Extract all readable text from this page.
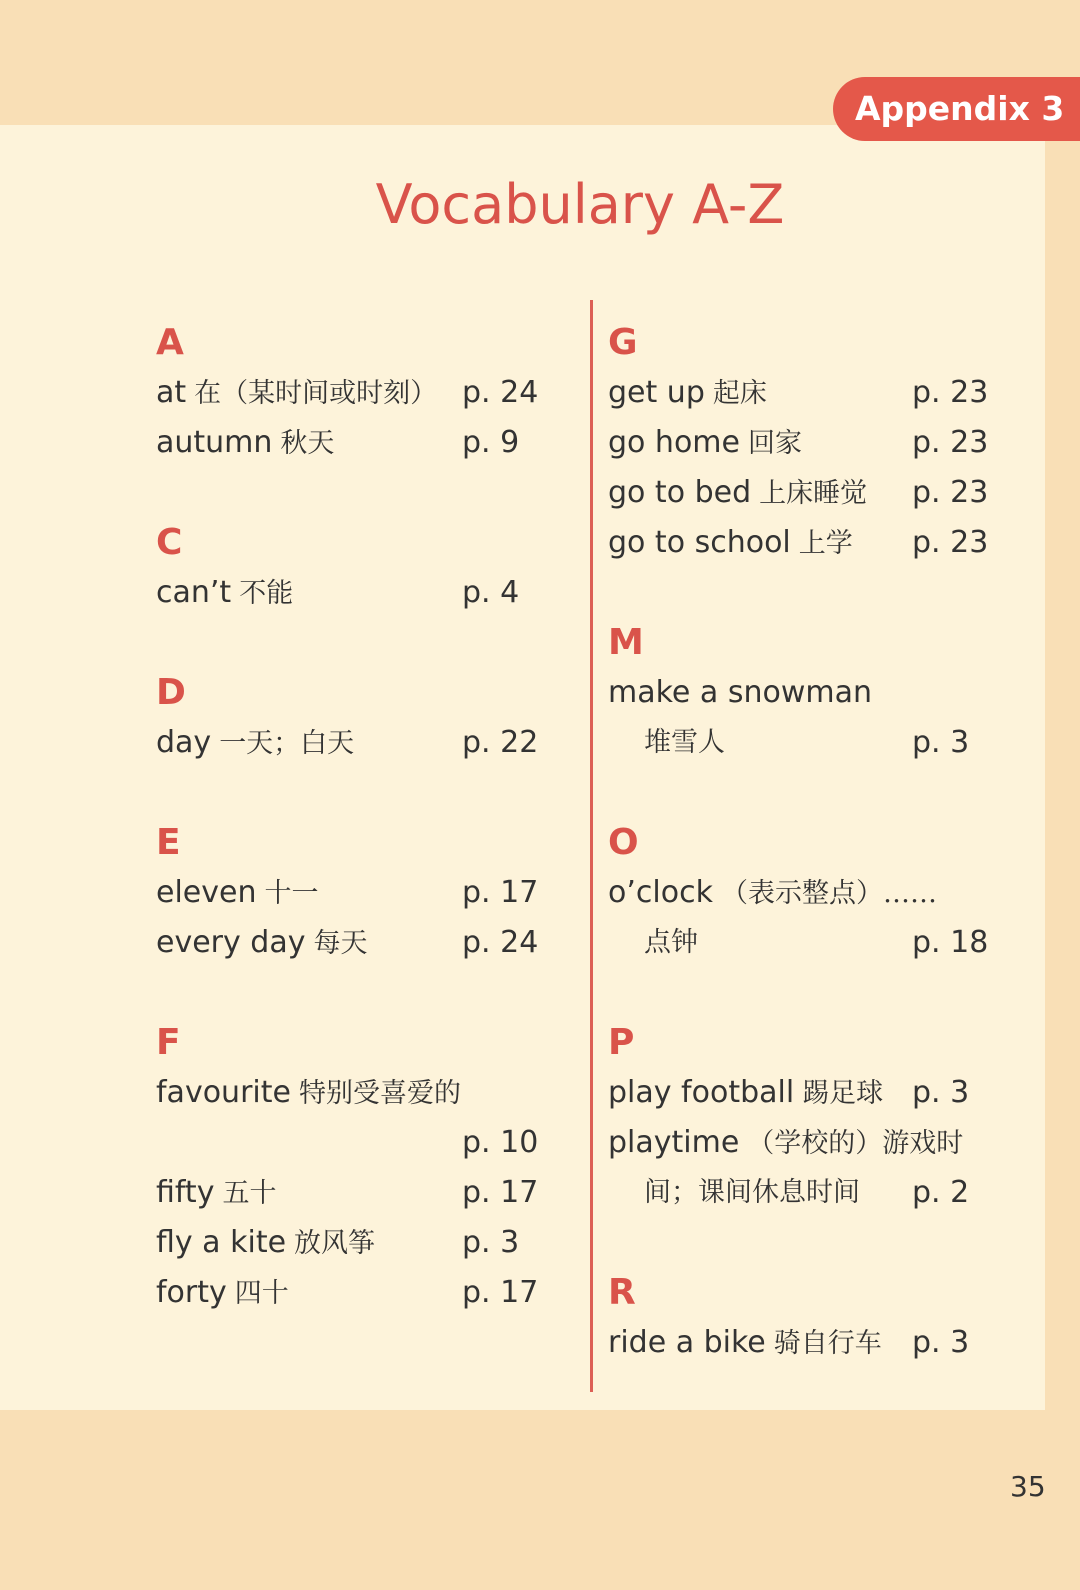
Appendix 3
Vocabulary A-Z
A
at 在（某时间或时刻） p. 24
autumn 秋天	p. 9
C
can’t 不能	p. 4
D
day 一天；白天	p. 22
E
eleven 十一	p. 17
every day 每天	p. 24
F
favourite 特别受喜爱的
p. 10
fifty 五十	p. 17
fly a kite 放风筝	p. 3
forty 四十	p. 17
G
get up 起床	p. 23
go home 回家	p. 23
go to bed 上床睡觉 p. 23
go to school 上学 p. 23
M
make a snowman
堆雪人	p. 3
O
o’clock （表示整点）……
点钟	p. 18
P
play football 踢足球 p. 3
playtime （学校的）游戏时
间；课间休息时间 p. 2
R
ride a bike 骑自行车 p. 3
35
